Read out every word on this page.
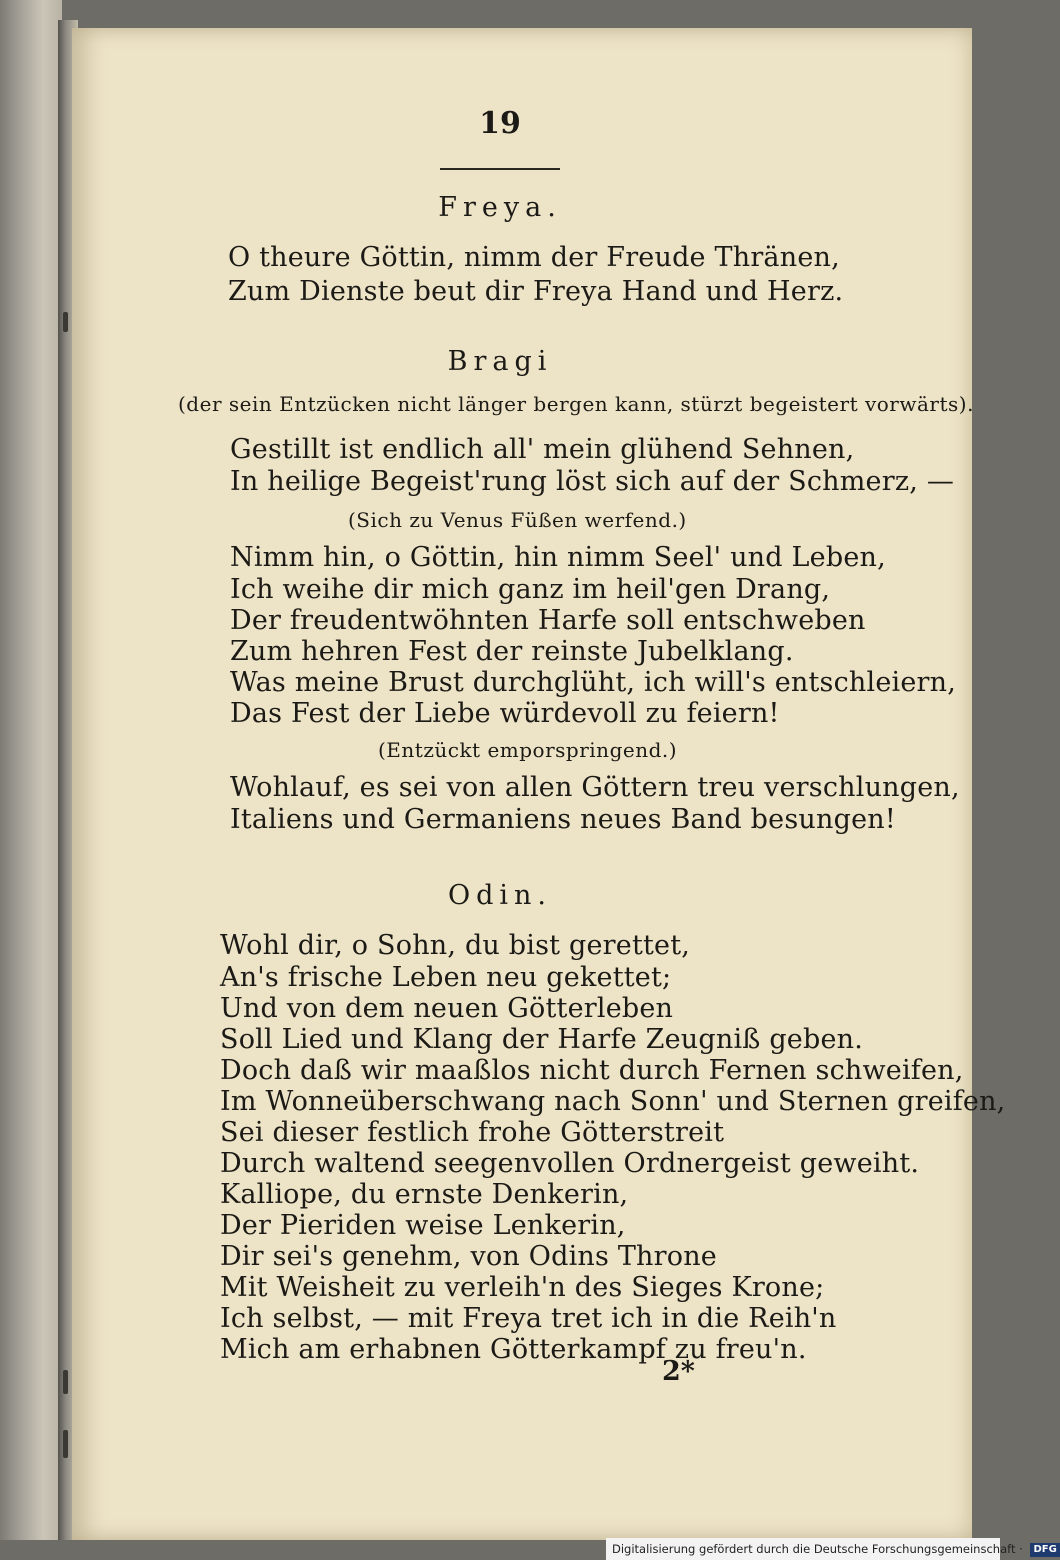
19
Freya.
O theure Göttin, nimm der Freude Thränen,
Zum Dienste beut dir Freya Hand und Herz.
Bragi
(der sein Entzücken nicht länger bergen kann, stürzt begeistert vorwärts).
Gestillt ist endlich all' mein glühend Sehnen,
In heilige Begeist'rung löst sich auf der Schmerz, —
(Sich zu Venus Füßen werfend.)
Nimm hin, o Göttin, hin nimm Seel' und Leben,
Ich weihe dir mich ganz im heil'gen Drang,
Der freudentwöhnten Harfe soll entschweben
Zum hehren Fest der reinste Jubelklang.
Was meine Brust durchglüht, ich will's entschleiern,
Das Fest der Liebe würdevoll zu feiern!
(Entzückt emporspringend.)
Wohlauf, es sei von allen Göttern treu verschlungen,
Italiens und Germaniens neues Band besungen!
Odin.
Wohl dir, o Sohn, du bist gerettet,
An's frische Leben neu gekettet;
Und von dem neuen Götterleben
Soll Lied und Klang der Harfe Zeugniß geben.
Doch daß wir maaßlos nicht durch Fernen schweifen,
Im Wonneüberschwang nach Sonn' und Sternen greifen,
Sei dieser festlich frohe Götterstreit
Durch waltend seegenvollen Ordnergeist geweiht.
Kalliope, du ernste Denkerin,
Der Pieriden weise Lenkerin,
Dir sei's genehm, von Odins Throne
Mit Weisheit zu verleih'n des Sieges Krone;
Ich selbst, — mit Freya tret ich in die Reih'n
Mich am erhabnen Götterkampf zu freu'n.
2*
Digitalisierung gefördert durch die Deutsche Forschungsgemeinschaft · DFG
